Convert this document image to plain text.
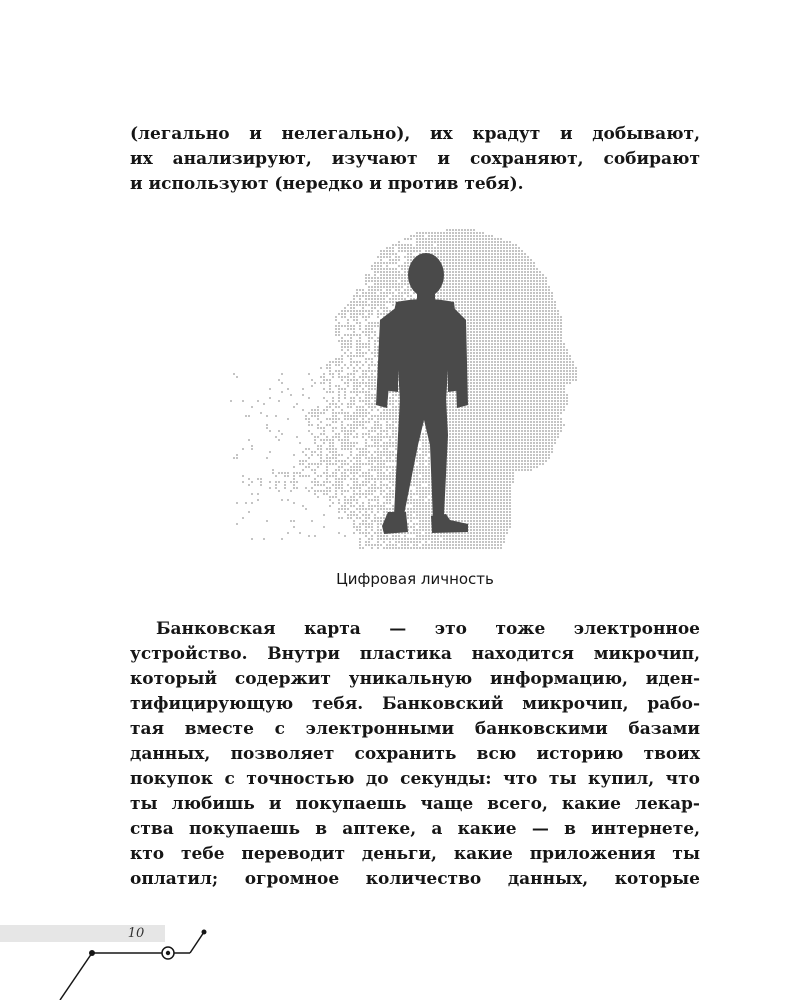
(легально и нелегально), их крадут и добывают,
их анализируют, изучают и сохраняют, собирают
и используют (нередко и против тебя).
Цифровая личность
Банковская карта — это тоже электронное
устройство. Внутри пластика находится микрочип,
который содержит уникальную информацию, иден-
тифицирующую тебя. Банковский микрочип, рабо-
тая вместе с электронными банковскими базами
данных, позволяет сохранить всю историю твоих
покупок с точностью до секунды: что ты купил, что
ты любишь и покупаешь чаще всего, какие лекар-
ства покупаешь в аптеке, а какие — в интернете,
кто тебе переводит деньги, какие приложения ты
оплатил; огромное количество данных, которые
10
